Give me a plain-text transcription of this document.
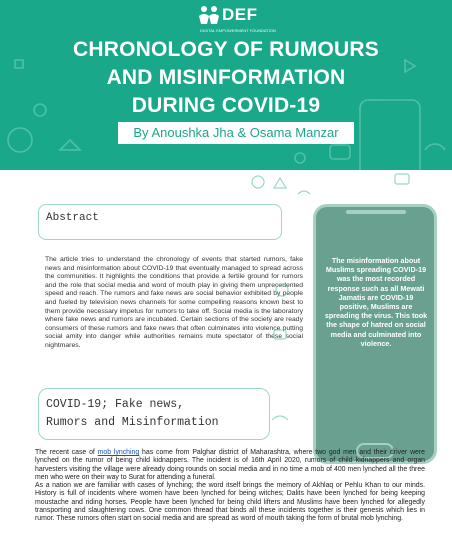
DEF
DIGITAL EMPOWERMENT FOUNDATION
CHRONOLOGY OF RUMOURS
AND MISINFORMATION
DURING COVID-19
By Anoushka Jha & Osama Manzar
Abstract
The article tries to understand the chronology of events that started rumors, fake news and misinformation about COVID-19 that eventually managed to spread across the communities. It highlights the conditions that provide a fertile ground for rumors and the role that social media and word of mouth play in giving them unprecedented speed and reach. The rumors and fake news are social behavior exhibited by people and fueled by television news channels for some compelling reasons known best to them provide necessary impetus for rumors to take off. Social media is the laboratory where fake news and rumors are incubated. Certain sections of the society are ready consumers of these rumors and fake news that often culminates into violence putting social amity into danger while authorities remains mute spectator of these social nightmares.
The misinformation about Muslims spreading COVID-19 was the most recorded response such as all Mewati Jamatis are COVID-19 positive, Muslims are spreading the virus. This took the shape of hatred on social media and culminated into violence.
COVID-19; Fake news,
Rumors and Misinformation
The recent case of mob lynching has come from Palghar district of Maharashtra, where two god men and their driver were lynched on the rumor of being child kidnappers. The incident is of 16th April 2020, rumors of child kidnappers and organ harvesters visiting the village were already doing rounds on social media and in no time a mob of 400 men lynched all the three men who were on their way to Surat for attending a funeral.
As a nation we are familiar with cases of lynching; the word itself brings the memory of Akhlaq or Pehlu Khan to our minds. History is full of incidents where women have been lynched for being witches; Dalits have been lynched for being keeping moustache and riding horses. People have been lynched for being child lifters and Muslims have been lynched for allegedly transporting and slaughtering cows. One common thread that binds all these incidents together is their genesis which lies in rumor. These rumors often start on social media and are spread as word of mouth taking the form of brutal mob lynching.
